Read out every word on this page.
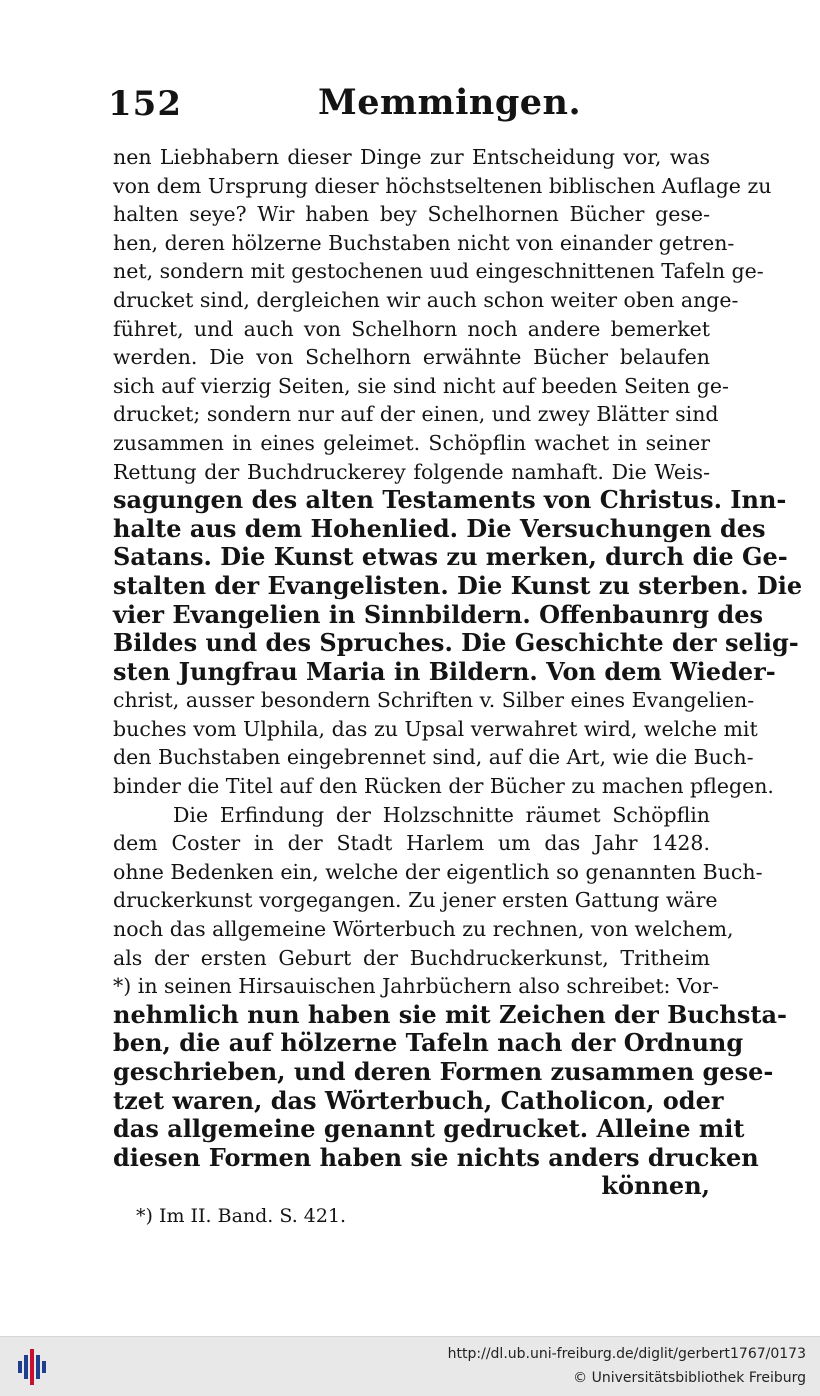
152	Memmingen.
nen Liebhabern dieser Dinge zur Entscheidung vor, was
von dem Ursprung dieser höchstseltenen biblischen Auflage zu
halten seye? Wir haben bey Schelhornen Bücher gese-
hen, deren hölzerne Buchstaben nicht von einander getren-
net, sondern mit gestochenen uud eingeschnittenen Tafeln ge-
drucket sind, dergleichen wir auch schon weiter oben ange-
führet, und auch von Schelhorn noch andere bemerket
werden. Die von Schelhorn erwähnte Bücher belaufen
sich auf vierzig Seiten, sie sind nicht auf beeden Seiten ge-
drucket; sondern nur auf der einen, und zwey Blätter sind
zusammen in eines geleimet. Schöpflin wachet in seiner
Rettung der Buchdruckerey folgende namhaft. Die Weis-
sagungen des alten Testaments von Christus. Inn-
halte aus dem Hohenlied. Die Versuchungen des
Satans. Die Kunst etwas zu merken, durch die Ge-
stalten der Evangelisten. Die Kunst zu sterben. Die
vier Evangelien in Sinnbildern. Offenbaunrg des
Bildes und des Spruches. Die Geschichte der selig-
sten Jungfrau Maria in Bildern. Von dem Wieder-
christ, ausser besondern Schriften v. Silber eines Evangelien-
buches vom Ulphila, das zu Upsal verwahret wird, welche mit
den Buchstaben eingebrennet sind, auf die Art, wie die Buch-
binder die Titel auf den Rücken der Bücher zu machen pflegen.
Die Erfindung der Holzschnitte räumet Schöpflin
dem Coster in der Stadt Harlem um das Jahr 1428.
ohne Bedenken ein, welche der eigentlich so genannten Buch-
druckerkunst vorgegangen. Zu jener ersten Gattung wäre
noch das allgemeine Wörterbuch zu rechnen, von welchem,
als der ersten Geburt der Buchdruckerkunst, Tritheim
*) in seinen Hirsauischen Jahrbüchern also schreibet: Vor-
nehmlich nun haben sie mit Zeichen der Buchsta-
ben, die auf hölzerne Tafeln nach der Ordnung
geschrieben, und deren Formen zusammen gese-
tzet waren, das Wörterbuch, Catholicon, oder
das allgemeine genannt gedrucket. Alleine mit
diesen Formen haben sie nichts anders drucken
können,
*) Im II. Band. S. 421.
http://dl.ub.uni-freiburg.de/diglit/gerbert1767/0173
© Universitätsbibliothek Freiburg
